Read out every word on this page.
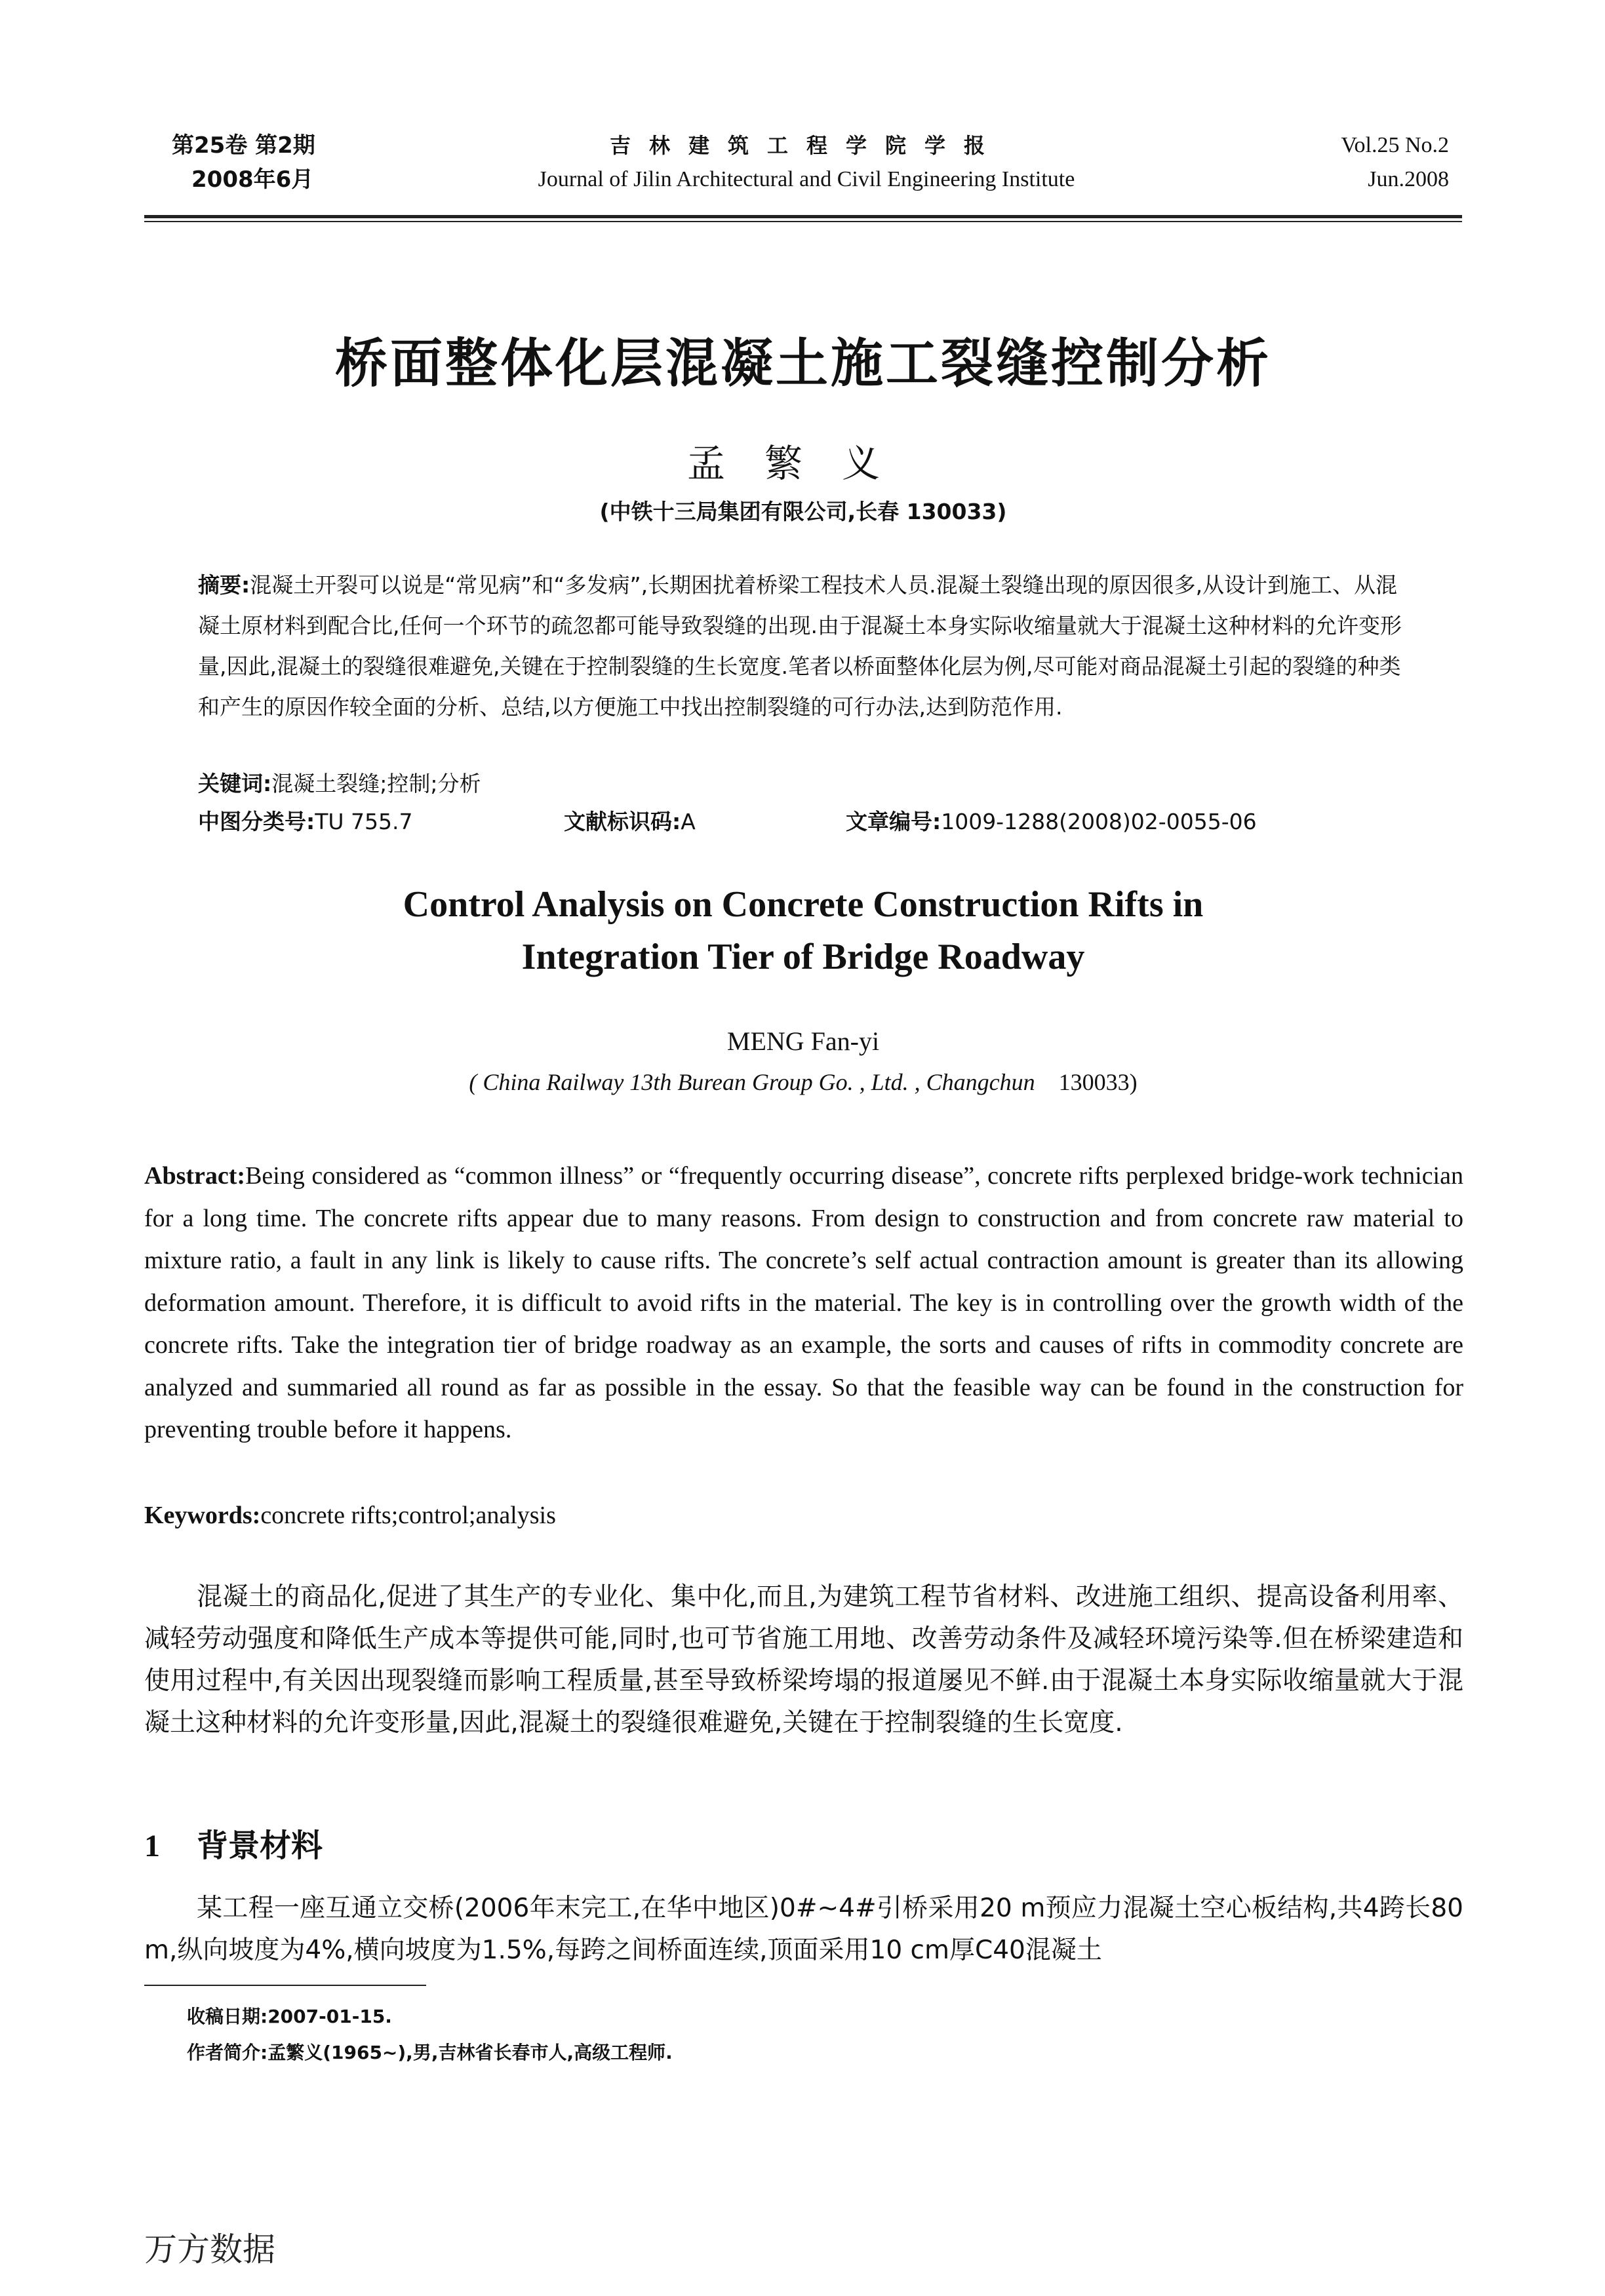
第25卷 第2期
2008年6月
吉林建筑工程学院学报
Journal of Jilin Architectural and Civil Engineering Institute
Vol.25 No.2
Jun.2008
桥面整体化层混凝土施工裂缝控制分析
孟繁义
(中铁十三局集团有限公司,长春 130033)
摘要:混凝土开裂可以说是“常见病”和“多发病”,长期困扰着桥梁工程技术人员.混凝土裂缝出现的原因很多,从设计到施工、从混凝土原材料到配合比,任何一个环节的疏忽都可能导致裂缝的出现.由于混凝土本身实际收缩量就大于混凝土这种材料的允许变形量,因此,混凝土的裂缝很难避免,关键在于控制裂缝的生长宽度.笔者以桥面整体化层为例,尽可能对商品混凝土引起的裂缝的种类和产生的原因作较全面的分析、总结,以方便施工中找出控制裂缝的可行办法,达到防范作用.
关键词:混凝土裂缝;控制;分析
中图分类号:TU 755.7	文献标识码:A	文章编号:1009-1288(2008)02-0055-06
Control Analysis on Concrete Construction Rifts in
Integration Tier of Bridge Roadway
MENG Fan-yi
( China Railway 13th Burean Group Go. , Ltd. , Changchun 130033)
Abstract:Being considered as “common illness” or “frequently occurring disease”, concrete rifts perplexed bridge-work technician for a long time. The concrete rifts appear due to many reasons. From design to construction and from concrete raw material to mixture ratio, a fault in any link is likely to cause rifts. The concrete’s self actual contraction amount is greater than its allowing deformation amount. Therefore, it is difficult to avoid rifts in the material. The key is in controlling over the growth width of the concrete rifts. Take the integration tier of bridge roadway as an example, the sorts and causes of rifts in commodity concrete are analyzed and summaried all round as far as possible in the essay. So that the feasible way can be found in the construction for preventing trouble before it happens.
Keywords:concrete rifts;control;analysis
混凝土的商品化,促进了其生产的专业化、集中化,而且,为建筑工程节省材料、改进施工组织、提高设备利用率、减轻劳动强度和降低生产成本等提供可能,同时,也可节省施工用地、改善劳动条件及减轻环境污染等.但在桥梁建造和使用过程中,有关因出现裂缝而影响工程质量,甚至导致桥梁垮塌的报道屡见不鲜.由于混凝土本身实际收缩量就大于混凝土这种材料的允许变形量,因此,混凝土的裂缝很难避免,关键在于控制裂缝的生长宽度.
1 背景材料
某工程一座互通立交桥(2006年末完工,在华中地区)0#~4#引桥采用20 m预应力混凝土空心板结构,共4跨长80 m,纵向坡度为4%,横向坡度为1.5%,每跨之间桥面连续,顶面采用10 cm厚C40混凝土
收稿日期:2007-01-15.
作者简介:孟繁义(1965~),男,吉林省长春市人,高级工程师.
万方数据
